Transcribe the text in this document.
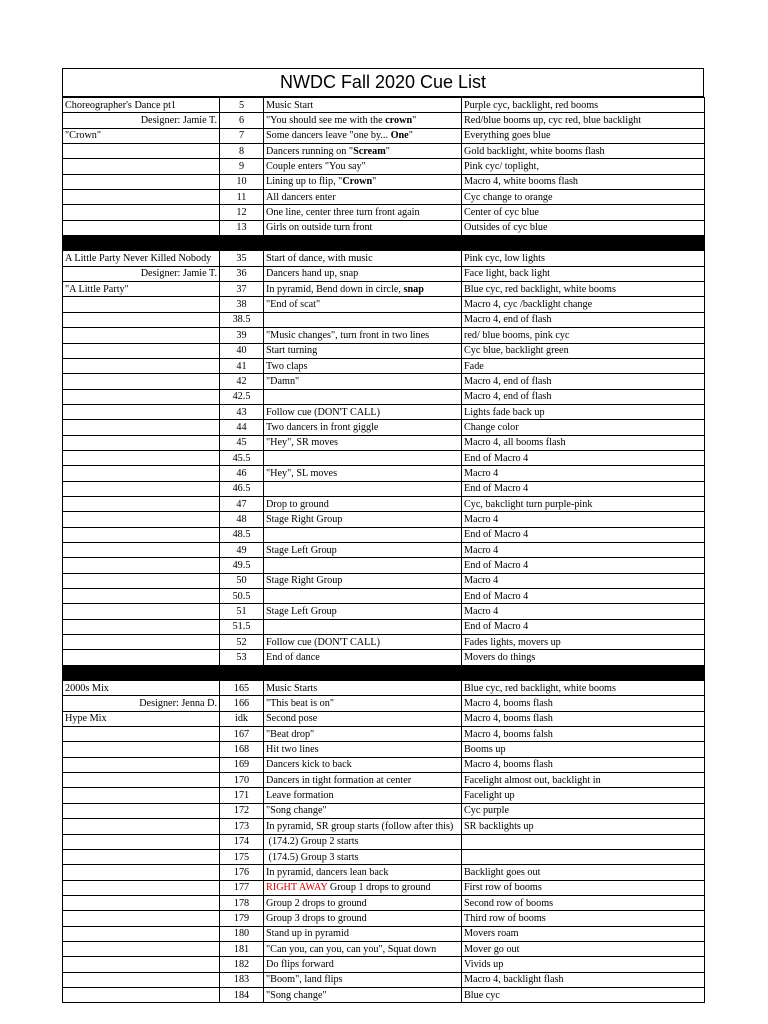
NWDC Fall 2020 Cue List
Choreographer's Dance pt1	5	Music Start	Purple cyc, backlight, red booms
Designer: Jamie T.	6	"You should see me with the crown"	Red/blue booms up, cyc red, blue backlight
"Crown"	7	Some dancers leave "one by... One"	Everything goes blue
	8	Dancers running on "Scream"	Gold backlight, white booms flash
	9	Couple enters "You say"	Pink cyc/ toplight,
	10	Lining up to flip, "Crown"	Macro 4, white booms flash
	11	All dancers enter	Cyc change to orange
	12	One line, center three turn front again	Center of cyc blue
	13	Girls on outside turn front	Outsides of cyc blue

A Little Party Never Killed Nobody	35	Start of dance, with music	Pink cyc, low lights
Designer: Jamie T.	36	Dancers hand up, snap	Face light, back light
"A Little Party"	37	In pyramid, Bend down in circle, snap	Blue cyc, red backlight, white booms
	38	"End of scat"	Macro 4, cyc /backlight change
	38.5		Macro 4, end of flash
	39	"Music changes", turn front in two lines	red/ blue booms, pink cyc
	40	Start turning	Cyc blue, backlight green
	41	Two claps	Fade
	42	"Damn"	Macro 4, end of flash
	42.5		Macro 4, end of flash
	43	Follow cue (DON'T CALL)	Lights fade back up
	44	Two dancers in front giggle	Change color
	45	"Hey", SR moves	Macro 4, all booms flash
	45.5		End of Macro 4
	46	"Hey", SL moves	Macro 4
	46.5		End of Macro 4
	47	Drop to ground	Cyc, bakclight turn purple-pink
	48	Stage Right Group	Macro 4
	48.5		End of Macro 4
	49	Stage Left Group	Macro 4
	49.5		End of Macro 4
	50	Stage Right Group	Macro 4
	50.5		End of Macro 4
	51	Stage Left Group	Macro 4
	51.5		End of Macro 4
	52	Follow cue (DON'T CALL)	Fades lights, movers up
	53	End of dance	Movers do things

2000s Mix	165	Music Starts	Blue cyc, red backlight, white booms
Designer: Jenna D.	166	"This beat is on"	Macro 4, booms flash
Hype Mix	idk	Second pose	Macro 4, booms flash
	167	"Beat drop"	Macro 4, booms falsh
	168	Hit two lines	Booms up
	169	Dancers kick to back	Macro 4, booms flash
	170	Dancers in tight formation at center	Facelight almost out, backlight in
	171	Leave formation	Facelight up
	172	"Song change"	Cyc purple
	173	In pyramid, SR group starts (follow after this)	SR backlights up
	174	(174.2) Group 2 starts	
	175	(174.5) Group 3 starts	
	176	In pyramid, dancers lean back	Backlight goes out
	177	RIGHT AWAY Group 1 drops to ground	First row of booms
	178	Group 2 drops to ground	Second row of booms
	179	Group 3 drops to ground	Third row of booms
	180	Stand up in pyramid	Movers roam
	181	"Can you, can you, can you", Squat down	Mover go out
	182	Do flips forward	Vivids up
	183	"Boom", land flips	Macro 4, backlight flash
	184	"Song change"	Blue cyc
